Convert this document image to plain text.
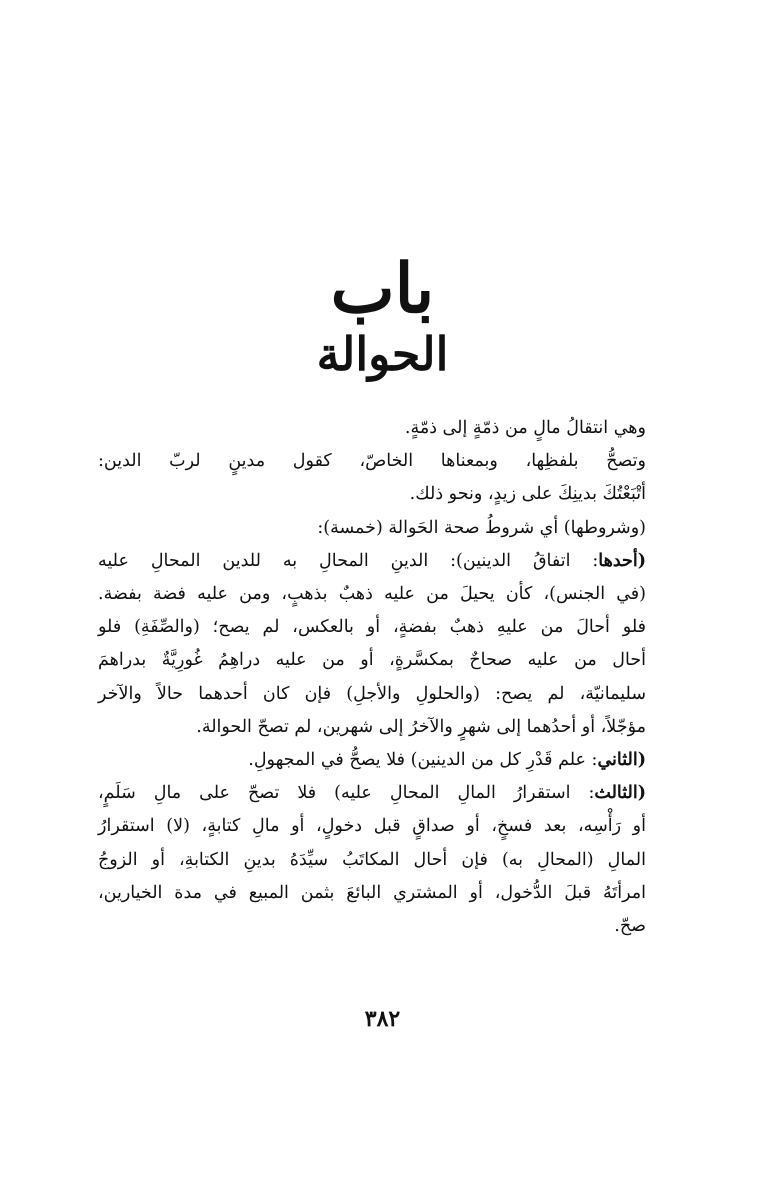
باب
الحوالة

وهي انتقالُ مالٍ من ذمّةٍ إلى ذمّةٍ.

وتصحُّ بلفظِها، وبمعناها الخاصّ، كقول مدينٍ لربّ الدين:
أتْبَعْتُكَ بدينِكَ على زيدٍ، ونحو ذلك.

(وشروطها) أي شروطُ صحة الحَوالة (خمسة):

(أحدها: اتفاقُ الدينين): الدينِ المحالِ به للدين المحالِ عليه
(في الجنس)، كأن يحيلَ من عليه ذهبٌ بذهبٍ، ومن عليه فضة بفضة.
فلو أحالَ من عليهِ ذهبٌ بفضةٍ، أو بالعكس، لم يصح؛ (والصِّفَةِ) فلو
أحال من عليه صحاحٌ بمكسَّرةٍ، أو من عليه دراهِمُ غُورِيَّةٌ بدراهمَ
سليمانيّة، لم يصح: (والحلولِ والأجلِ) فإن كان أحدهما حالاً والآخر
مؤجّلاً، أو أحدُهما إلى شهرٍ والآخرُ إلى شهرين، لم تصحّ الحوالة.

(الثاني: علم قَدْرِ كل من الدينين) فلا يصحُّ في المجهولِ.

(الثالث: استقرارُ المالِ المحالِ عليه) فلا تصحّ على مالِ سَلَمٍ،
أو رَأْسِه، بعد فسخٍ، أو صداقٍ قبل دخولٍ، أو مالِ كتابةٍ، (لا) استقرارُ
المالِ (المحالِ به) فإن أحال المكاتَبُ سيِّدَهُ بدينِ الكتابةِ، أو الزوجُ
امرأتَهُ قبلَ الدُّخول، أو المشتري البائعَ بثمن المبيع في مدة الخيارين،
صحّ.

٣٨٢
